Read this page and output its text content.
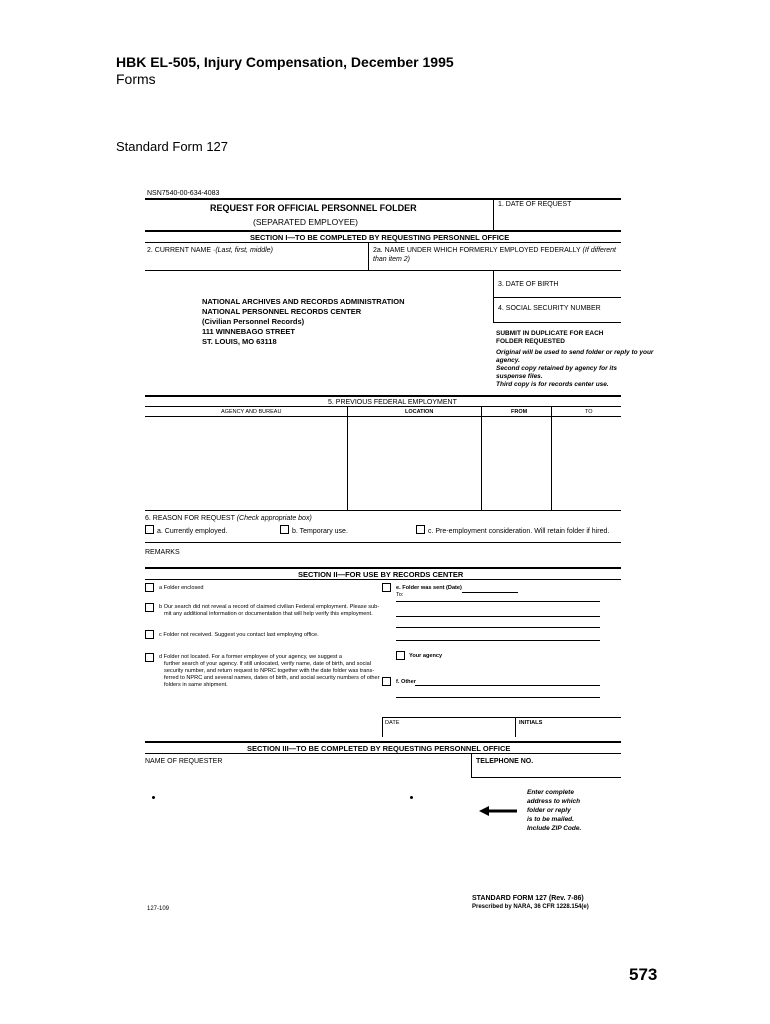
HBK EL-505, Injury Compensation, December 1995
Forms
Standard Form 127
NSN7540-00-634-4083
REQUEST FOR OFFICIAL PERSONNEL FOLDER
(SEPARATED EMPLOYEE)
1. DATE OF REQUEST
SECTION I—TO BE COMPLETED BY REQUESTING PERSONNEL OFFICE
2. CURRENT NAME ·(Last, first, middle)	2a. NAME UNDER WHICH FORMERLY EMPLOYED FEDERALLY (If different
than item 2)
3. DATE OF BIRTH
4. SOCIAL SECURITY NUMBER
NATIONAL ARCHIVES AND RECORDS ADMINISTRATION
NATIONAL PERSONNEL RECORDS CENTER
(Civilian Personnel Records)
111 WINNEBAGO STREET
ST. LOUIS, MO 63118
SUBMIT IN DUPLICATE FOR EACH
FOLDER REQUESTED
Original will be used to send folder or reply to your
agency.
Second copy retained by agency for its
suspense files.
Third copy is for records center use.
5. PREVIOUS FEDERAL EMPLOYMENT
AGENCY AND BUREAU	LOCATION	FROM	TO
6. REASON FOR REQUEST (Check appropriate box)
a. Currently employed.	b. Temporary use.	c. Pre-employment consideration. Will retain folder if hired.
REMARKS
SECTION II—FOR USE BY RECORDS CENTER
a Folder enclosed
b Our search did not reveal a record of claimed civilian Federal employment. Please sub-
mit any additional information or documentation that will help verify this employment.
c Folder not received. Suggest you contact last employing office.
d Folder not located. For a former employee of your agency, we suggest a
further search of your agency. If still unlocated, verify name, date of birth, and social
security number, and return request to NPRC together with the date folder was trans-
ferred to NPRC and several names, dates of birth, and social security numbers of other
folders in same shipment.
e. Folder was sent (Date)
To:
Your agency
f. Other
DATE	INITIALS
SECTION III—TO BE COMPLETED BY REQUESTING PERSONNEL OFFICE
NAME OF REQUESTER	TELEPHONE NO.
Enter complete
address to which
folder or reply
is to be mailed.
Include ZIP Code.
127-109
STANDARD FORM 127 (Rev. 7-86)
Prescribed by NARA, 36 CFR 1228.154(e)
573
